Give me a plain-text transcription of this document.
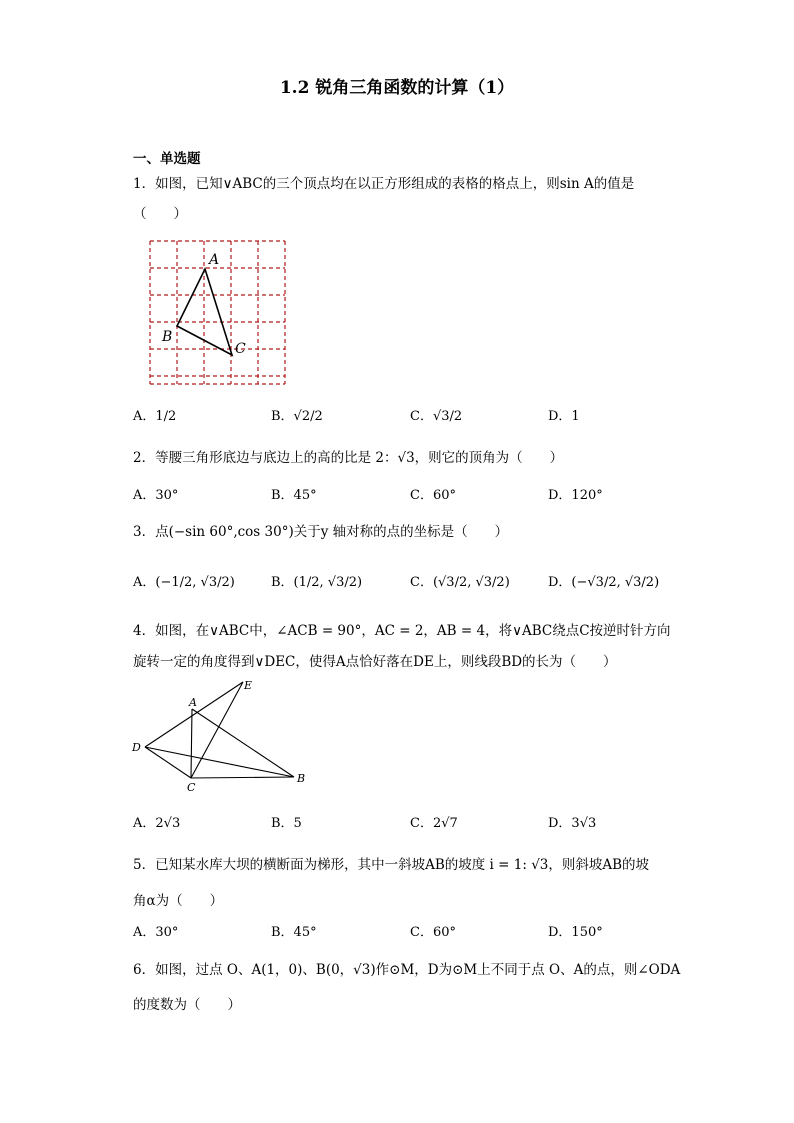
1.2 锐角三角函数的计算（1）
一、单选题
1．如图，已知∨ABC的三个顶点均在以正方形组成的表格的格点上，则sin A的值是
（　　）
A
B
C
A．1/2	B．√2/2	C．√3/2	D．1
2．等腰三角形底边与底边上的高的比是 2：√3，则它的顶角为（　　）
A．30°	B．45°	C．60°	D．120°
3．点(−sin 60°,cos 30°)关于y 轴对称的点的坐标是（　　）
A．(−1/2, √3/2)	B．(1/2, √3/2)	C．(√3/2, √3/2)	D．(−√3/2, √3/2)
4．如图，在∨ABC中，∠ACB = 90°，AC = 2，AB = 4，将∨ABC绕点C按逆时针方向
旋转一定的角度得到∨DEC，使得A点恰好落在DE上，则线段BD的长为（　　）
E
A
D
C
B
A．2√3	B．5	C．2√7	D．3√3
5．已知某水库大坝的横断面为梯形，其中一斜坡AB的坡度 i = 1: √3，则斜坡AB的坡
角α为（　　）
A．30°	B．45°	C．60°	D．150°
6．如图，过点 O、A(1，0)、B(0，√3)作⊙M，D为⊙M上不同于点 O、A的点，则∠ODA
的度数为（　　）
